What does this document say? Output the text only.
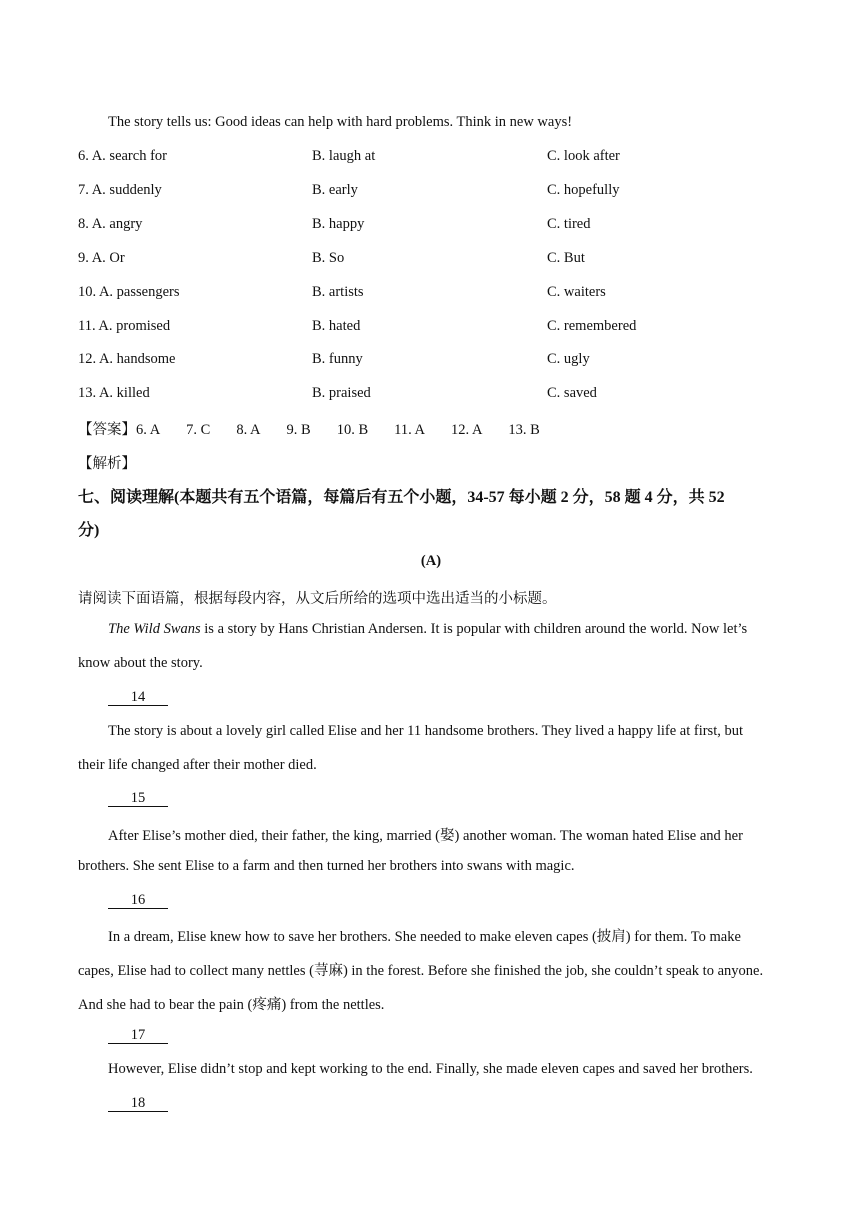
The story tells us: Good ideas can help with hard problems. Think in new ways!
6. A. search for	B. laugh at	C. look after
7. A. suddenly	B. early	C. hopefully
8. A. angry	B. happy	C. tired
9. A. Or	B. So	C. But
10. A. passengers	B. artists	C. waiters
11. A. promised	B. hated	C. remembered
12. A. handsome	B. funny	C. ugly
13. A. killed	B. praised	C. saved
【答案】6. A 7. C 8. A 9. B 10. B 11. A 12. A 13. B
【解析】
七、阅读理解(本题共有五个语篇，每篇后有五个小题，34-57 每小题 2 分，58 题 4 分，共 52
分)
(A)
请阅读下面语篇，根据每段内容，从文后所给的选项中选出适当的小标题。
The Wild Swans is a story by Hans Christian Andersen. It is popular with children around the world. Now let’s
know about the story.
14
The story is about a lovely girl called Elise and her 11 handsome brothers. They lived a happy life at first, but
their life changed after their mother died.
15
After Elise’s mother died, their father, the king, married (娶) another woman. The woman hated Elise and her
brothers. She sent Elise to a farm and then turned her brothers into swans with magic.
16
In a dream, Elise knew how to save her brothers. She needed to make eleven capes (披肩) for them. To make
capes, Elise had to collect many nettles (荨麻) in the forest. Before she finished the job, she couldn’t speak to anyone.
And she had to bear the pain (疼痛) from the nettles.
17
However, Elise didn’t stop and kept working to the end. Finally, she made eleven capes and saved her brothers.
18
